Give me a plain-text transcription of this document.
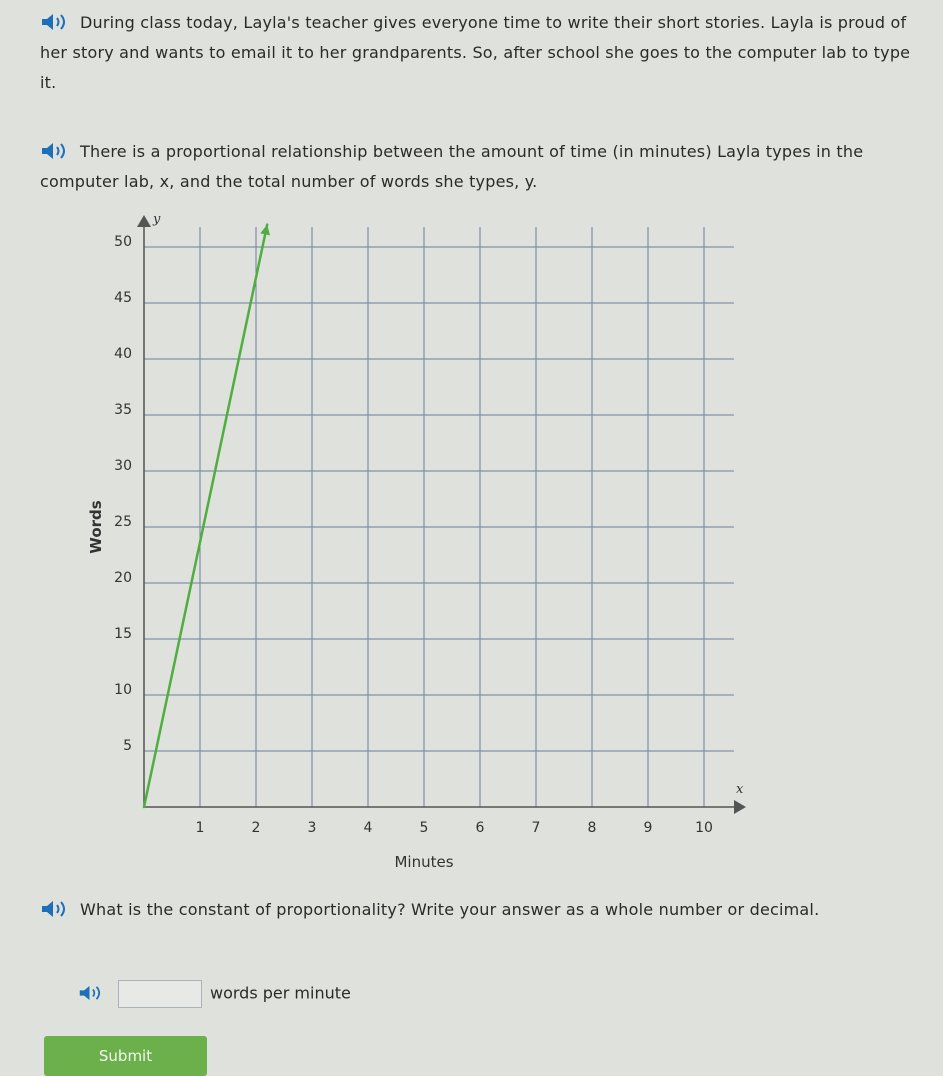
During class today, Layla's teacher gives everyone time to write their short stories. Layla is proud of her story and wants to email it to her grandparents. So, after school she goes to the computer lab to type it.
There is a proportional relationship between the amount of time (in minutes) Layla types in the computer lab, x, and the total number of words she types, y.
x
y
1	2	3	4	5	6	7	8	9	10
5
10
15
20
25
30
35
40
45
50
Minutes
Words
What is the constant of proportionality? Write your answer as a whole number or decimal.
words per minute
Submit
